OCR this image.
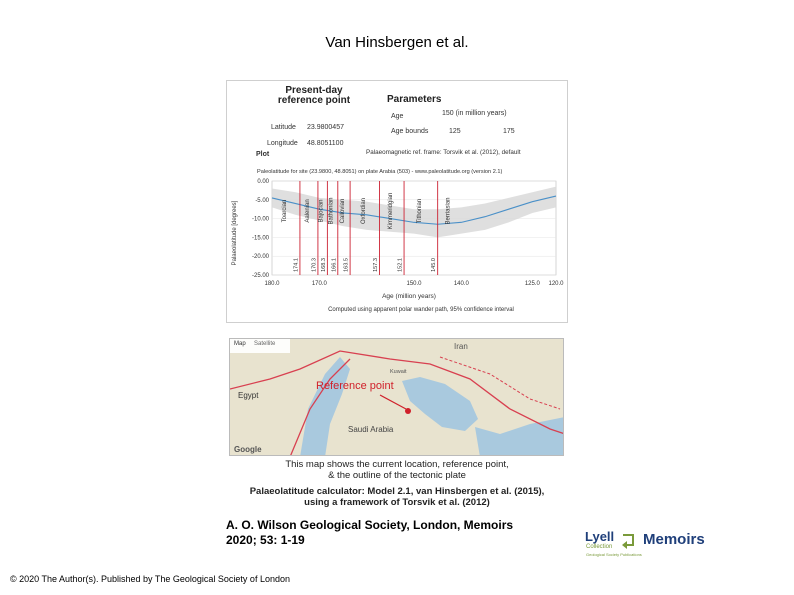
Van Hinsbergen et al.
Present-day reference point	Parameters
Latitude 23.9800457
Longitude 48.8051100
Age	150 (in million years)
Age bounds	125	175
Palaeomagnetic ref. frame: Torsvik et al. (2012), default
Plot
Paleolatitude for site (23.9800, 48.8051) on plate Arabia (503) - www.paleolatitude.org (version 2.1)
Palaeolatitude [degrees]
Age (million years)
Computed using apparent polar wander path, 95% confidence interval
0.00
-5.00
-10.00
-15.00
-20.00
-25.00
174.1 170.3 168.3 166.1 163.5	157.3	152.1	145.0
Toarcian	Aalenian Bajocian Bathonian Callovian Oxfordian	Kimmeridgian	Tithonian	Berriasian
180.0	170.0	150.0	140.0	125.0 120.0
Map Satellite
Reference point
Iran
Egypt
Saudi Arabia
Kuwait
Google
This map shows the current location, reference point,
& the outline of the tectonic plate
Palaeolatitude calculator: Model 2.1, van Hinsbergen et al. (2015),
using a framework of Torsvik et al. (2012)
A. O. Wilson Geological Society, London, Memoirs
2020; 53: 1-19
© 2020 The Author(s). Published by The Geological Society of London
Lyell
Collection
Geological Society Publications
Memoirs
